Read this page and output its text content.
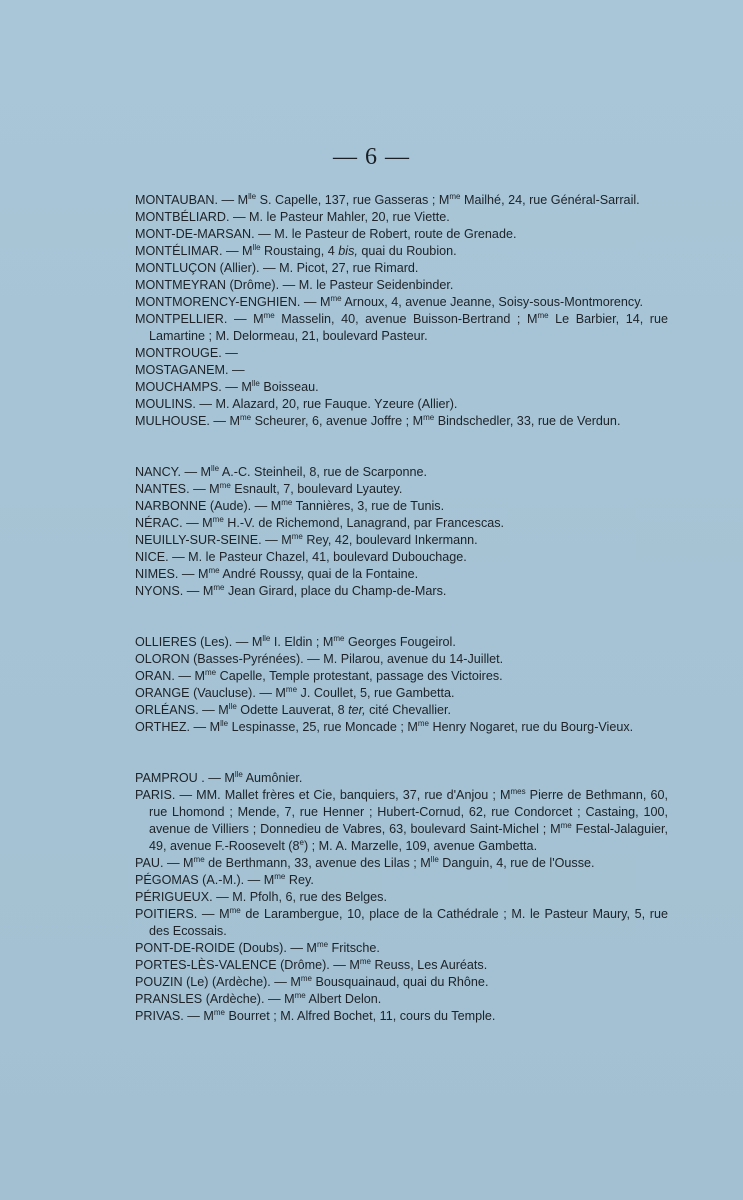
— 6 —

MONTAUBAN. — $M^{lle}$ S. Capelle, 137, rue Gasseras ; $M^{me}$ Mailhé, 24, rue Général-Sarrail.

MONTBÉLIARD. — M. le Pasteur Mahler, 20, rue Viette.

MONT-DE-MARSAN. — M. le Pasteur de Robert, route de Grenade.

MONTÉLIMAR. — $M^{lle}$ Roustaing, 4 bis, quai du Roubion.

MONTLUÇON (Allier). — M. Picot, 27, rue Rimard.

MONTMEYRAN (Drôme). — M. le Pasteur Seidenbinder.

MONTMORENCY-ENGHIEN. — $M^{me}$ Arnoux, 4, avenue Jeanne, Soisy-sous-Montmorency.

MONTPELLIER. — $M^{me}$ Masselin, 40, avenue Buisson-Bertrand ; $M^{me}$ Le Barbier, 14, rue Lamartine ; M. Delormeau, 21, boulevard Pasteur.

MONTROUGE. —

MOSTAGANEM. —

MOUCHAMPS. — $M^{lle}$ Boisseau.

MOULINS. — M. Alazard, 20, rue Fauque. Yzeure (Allier).

MULHOUSE. — $M^{me}$ Scheurer, 6, avenue Joffre ; $M^{me}$ Bindschedler, 33, rue de Verdun.

NANCY. — $M^{lle}$ A.-C. Steinheil, 8, rue de Scarponne.

NANTES. — $M^{me}$ Esnault, 7, boulevard Lyautey.

NARBONNE (Aude). — $M^{me}$ Tannières, 3, rue de Tunis.

NÉRAC. — $M^{me}$ H.-V. de Richemond, Lanagrand, par Francescas.

NEUILLY-SUR-SEINE. — $M^{me}$ Rey, 42, boulevard Inkermann.

NICE. — M. le Pasteur Chazel, 41, boulevard Dubouchage.

NIMES. — $M^{me}$ André Roussy, quai de la Fontaine.

NYONS. — $M^{me}$ Jean Girard, place du Champ-de-Mars.

OLLIERES (Les). — $M^{lle}$ I. Eldin ; $M^{me}$ Georges Fougeirol.

OLORON (Basses-Pyrénées). — M. Pilarou, avenue du 14-Juillet.

ORAN. — $M^{me}$ Capelle, Temple protestant, passage des Victoires.

ORANGE (Vaucluse). — $M^{me}$ J. Coullet, 5, rue Gambetta.

ORLÉANS. — $M^{lle}$ Odette Lauverat, 8 ter, cité Chevallier.

ORTHEZ. — $M^{lle}$ Lespinasse, 25, rue Moncade ; $M^{me}$ Henry Nogaret, rue du Bourg-Vieux.

PAMPROU . — $M^{lle}$ Aumônier.

PARIS. — MM. Mallet frères et Cie, banquiers, 37, rue d'Anjou ; $M^{mes}$ Pierre de Bethmann, 60, rue Lhomond ; Mende, 7, rue Henner ; Hubert-Cornud, 62, rue Condorcet ; Castaing, 100, avenue de Villiers ; Donnedieu de Vabres, 63, boulevard Saint-Michel ; $M^{me}$ Festal-Jalaguier, 49, avenue F.-Roosevelt (8e) ; M. A. Marzelle, 109, avenue Gambetta.

PAU. — $M^{me}$ de Berthmann, 33, avenue des Lilas ; $M^{lle}$ Danguin, 4, rue de l'Ousse.

PÉGOMAS (A.-M.). — $M^{me}$ Rey.

PÉRIGUEUX. — M. Pfolh, 6, rue des Belges.

POITIERS. — $M^{me}$ de Larambergue, 10, place de la Cathédrale ; M. le Pasteur Maury, 5, rue des Ecossais.

PONT-DE-ROIDE (Doubs). — $M^{me}$ Fritsche.

PORTES-LÈS-VALENCE (Drôme). — $M^{me}$ Reuss, Les Auréats.

POUZIN (Le) (Ardèche). — $M^{me}$ Bousquainaud, quai du Rhône.

PRANSLES (Ardèche). — $M^{me}$ Albert Delon.

PRIVAS. — $M^{me}$ Bourret ; M. Alfred Bochet, 11, cours du Temple.
